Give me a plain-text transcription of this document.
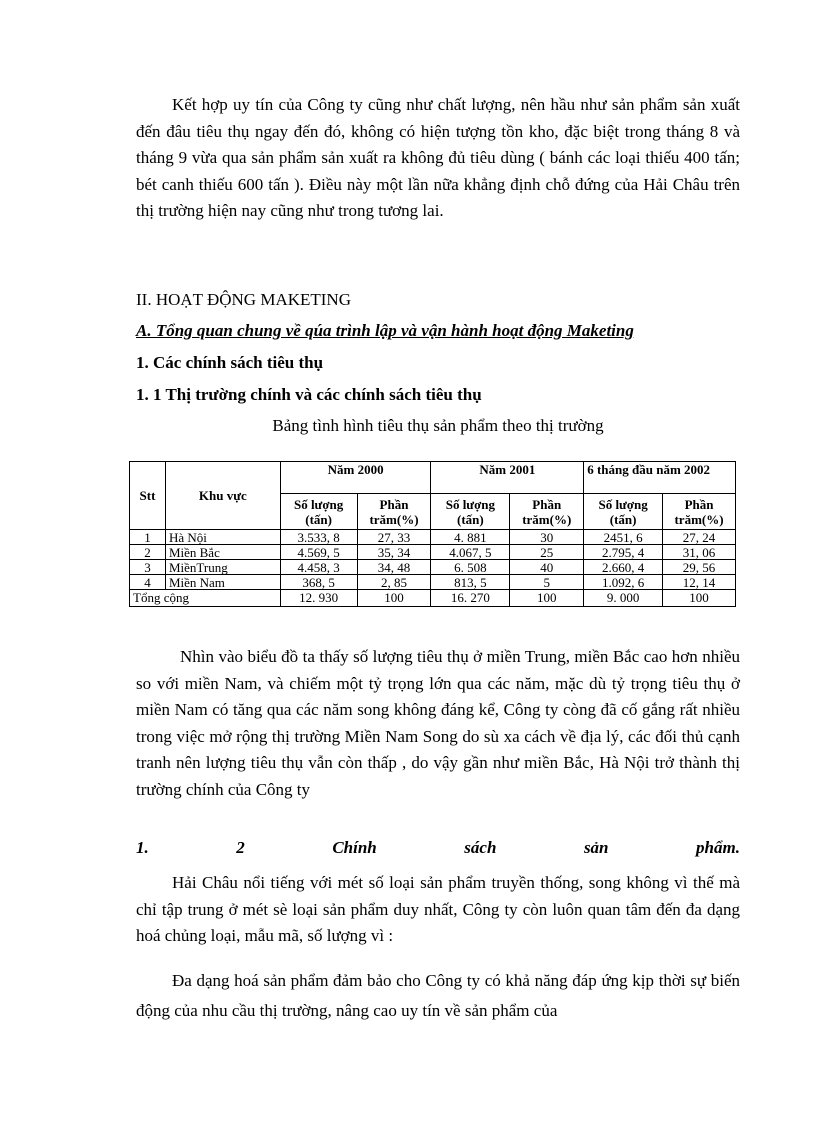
Kết hợp uy tín của Công ty cũng như chất lượng, nên hầu như sản phẩm sản xuất đến đâu tiêu thụ ngay đến đó, không có hiện tượng tồn kho, đặc biệt trong tháng 8 và tháng 9 vừa qua sản phẩm sản xuất ra không đủ tiêu dùng ( bánh các loại thiếu 400 tấn; bét canh thiếu 600 tấn ). Điều này một lần nữa khẳng định chỗ đứng của Hải Châu trên thị trường hiện nay cũng như trong tương lai.

II. HOẠT ĐỘNG MAKETING

A. Tổng quan chung về qúa trình lập và vận hành hoạt động Maketing

1. Các chính sách tiêu thụ

1. 1 Thị trường chính và các chính sách tiêu thụ

Bảng tình hình tiêu thụ sản phẩm theo thị trường

Stt	Khu vực	Năm 2000		Năm 2001		6 tháng đầu năm 2002	
		Số lượng (tấn)	Phần trăm(%)	Số lượng (tấn)	Phần trăm(%)	Số lượng (tấn)	Phần trăm(%)
1	Hà Nội	3.533, 8	27, 33	4. 881	30	2451, 6	27, 24
2	Miền Bắc	4.569, 5	35, 34	4.067, 5	25	2.795, 4	31, 06
3	MiềnTrung	4.458, 3	34, 48	6. 508	40	2.660, 4	29, 56
4	Miền Nam	368, 5	2, 85	813, 5	5	1.092, 6	12, 14
Tổng cộng		12. 930	100	16. 270	100	9. 000	100

Nhìn vào biểu đồ ta thấy số lượng tiêu thụ ở miền Trung, miền Bắc cao hơn nhiều so với miền Nam, và chiếm một tỷ trọng lớn qua các năm, mặc dù tỷ trọng tiêu thụ ở miền Nam có tăng qua các năm song không đáng kể, Công ty còng đã cố gắng rất nhiều trong việc mở rộng thị trường Miền Nam Song do sù xa cách về địa lý, các đối thủ cạnh tranh nên lượng tiêu thụ vẫn còn thấp , do vậy gần như miền Bắc, Hà Nội trở thành thị trường chính của Công ty

1.	2	Chính	sách	sản	phẩm.

Hải Châu nổi tiếng với mét số loại sản phẩm truyền thống, song không vì thế mà chỉ tập trung ở mét sè loại sản phẩm duy nhất, Công ty còn luôn quan tâm đến đa dạng hoá chủng loại, mẫu mã, số lượng vì :

Đa dạng hoá sản phẩm đảm bảo cho Công ty có khả năng đáp ứng kịp thời sự biến động của nhu cầu thị trường, nâng cao uy tín về sản phẩm của
